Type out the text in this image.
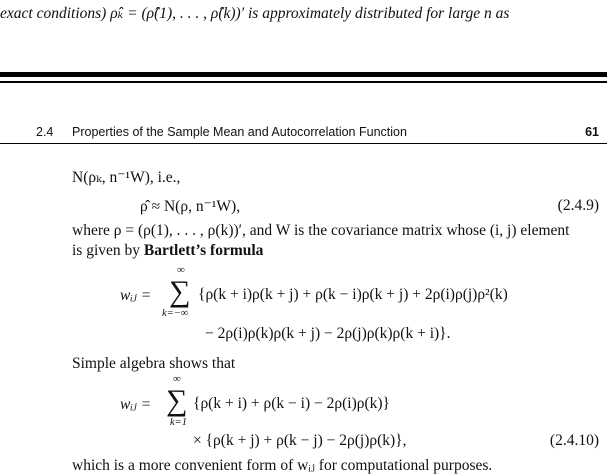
exact conditions) ρ̂ₖ = (ρ̂(1), . . . , ρ̂(k))′ is approximately distributed for large n as
2.4 Properties of the Sample Mean and Autocorrelation Function	61
N(ρₖ, n⁻¹W), i.e.,
ρ̂ ≈ N(ρ, n⁻¹W),	(2.4.9)
where ρ = (ρ(1), . . . , ρ(k))′, and W is the covariance matrix whose (i, j) element
is given by Bartlett’s formula
wᵢⱼ =
∞
∑
k=−∞
{ρ(k + i)ρ(k + j) + ρ(k − i)ρ(k + j) + 2ρ(i)ρ(j)ρ²(k)
− 2ρ(i)ρ(k)ρ(k + j) − 2ρ(j)ρ(k)ρ(k + i)}.
Simple algebra shows that
wᵢⱼ =
∞
∑
k=1
{ρ(k + i) + ρ(k − i) − 2ρ(i)ρ(k)}
× {ρ(k + j) + ρ(k − j) − 2ρ(j)ρ(k)},	(2.4.10)
which is a more convenient form of wᵢⱼ for computational purposes.
